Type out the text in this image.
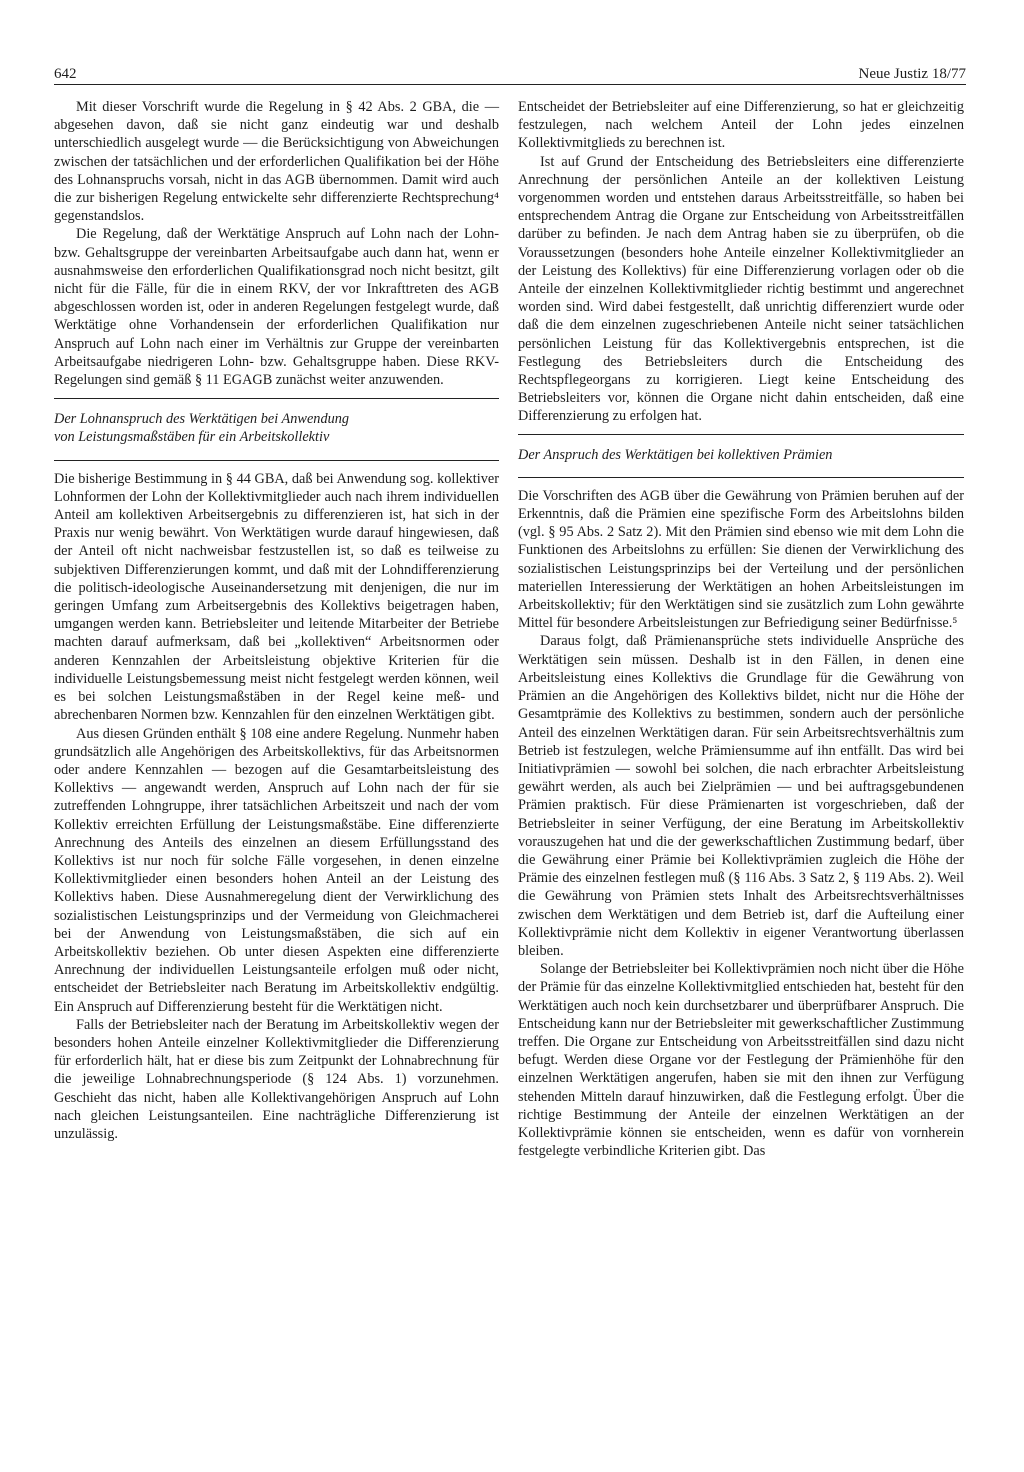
642	Neue Justiz 18/77

Mit dieser Vorschrift wurde die Regelung in § 42 Abs. 2 GBA, die — abgesehen davon, daß sie nicht ganz eindeutig war und deshalb unterschiedlich ausgelegt wurde — die Berücksichtigung von Abweichungen zwischen der tatsächlichen und der erforderlichen Qualifikation bei der Höhe des Lohnanspruchs vorsah, nicht in das AGB übernommen. Damit wird auch die zur bisherigen Regelung entwickelte sehr differenzierte Rechtsprechung⁴ gegenstandslos.

Die Regelung, daß der Werktätige Anspruch auf Lohn nach der Lohn- bzw. Gehaltsgruppe der vereinbarten Arbeitsaufgabe auch dann hat, wenn er ausnahmsweise den erforderlichen Qualifikationsgrad noch nicht besitzt, gilt nicht für die Fälle, für die in einem RKV, der vor Inkrafttreten des AGB abgeschlossen worden ist, oder in anderen Regelungen festgelegt wurde, daß Werktätige ohne Vorhandensein der erforderlichen Qualifikation nur Anspruch auf Lohn nach einer im Verhältnis zur Gruppe der vereinbarten Arbeitsaufgabe niedrigeren Lohn- bzw. Gehaltsgruppe haben. Diese RKV-Regelungen sind gemäß § 11 EGAGB zunächst weiter anzuwenden.

Der Lohnanspruch des Werktätigen bei Anwendung
von Leistungsmaßstäben für ein Arbeitskollektiv

Die bisherige Bestimmung in § 44 GBA, daß bei Anwendung sog. kollektiver Lohnformen der Lohn der Kollektivmitglieder auch nach ihrem individuellen Anteil am kollektiven Arbeitsergebnis zu differenzieren ist, hat sich in der Praxis nur wenig bewährt. Von Werktätigen wurde darauf hingewiesen, daß der Anteil oft nicht nachweisbar festzustellen ist, so daß es teilweise zu subjektiven Differenzierungen kommt, und daß mit der Lohndifferenzierung die politisch-ideologische Auseinandersetzung mit denjenigen, die nur im geringen Umfang zum Arbeitsergebnis des Kollektivs beigetragen haben, umgangen werden kann. Betriebsleiter und leitende Mitarbeiter der Betriebe machten darauf aufmerksam, daß bei „kollektiven“ Arbeitsnormen oder anderen Kennzahlen der Arbeitsleistung objektive Kriterien für die individuelle Leistungsbemessung meist nicht festgelegt werden können, weil es bei solchen Leistungsmaßstäben in der Regel keine meß- und abrechenbaren Normen bzw. Kennzahlen für den einzelnen Werktätigen gibt.

Aus diesen Gründen enthält § 108 eine andere Regelung. Nunmehr haben grundsätzlich alle Angehörigen des Arbeitskollektivs, für das Arbeitsnormen oder andere Kennzahlen — bezogen auf die Gesamtarbeitsleistung des Kollektivs — angewandt werden, Anspruch auf Lohn nach der für sie zutreffenden Lohngruppe, ihrer tatsächlichen Arbeitszeit und nach der vom Kollektiv erreichten Erfüllung der Leistungsmaßstäbe. Eine differenzierte Anrechnung des Anteils des einzelnen an diesem Erfüllungsstand des Kollektivs ist nur noch für solche Fälle vorgesehen, in denen einzelne Kollektivmitglieder einen besonders hohen Anteil an der Leistung des Kollektivs haben. Diese Ausnahmeregelung dient der Verwirklichung des sozialistischen Leistungsprinzips und der Vermeidung von Gleichmacherei bei der Anwendung von Leistungsmaßstäben, die sich auf ein Arbeitskollektiv beziehen. Ob unter diesen Aspekten eine differenzierte Anrechnung der individuellen Leistungsanteile erfolgen muß oder nicht, entscheidet der Betriebsleiter nach Beratung im Arbeitskollektiv endgültig. Ein Anspruch auf Differenzierung besteht für die Werktätigen nicht.

Falls der Betriebsleiter nach der Beratung im Arbeitskollektiv wegen der besonders hohen Anteile einzelner Kollektivmitglieder die Differenzierung für erforderlich hält, hat er diese bis zum Zeitpunkt der Lohnabrechnung für die jeweilige Lohnabrechnungsperiode (§ 124 Abs. 1) vorzunehmen. Geschieht das nicht, haben alle Kollektivangehörigen Anspruch auf Lohn nach gleichen Leistungsanteilen. Eine nachträgliche Differenzierung ist unzulässig.

Entscheidet der Betriebsleiter auf eine Differenzierung, so hat er gleichzeitig festzulegen, nach welchem Anteil der Lohn jedes einzelnen Kollektivmitglieds zu berechnen ist.

Ist auf Grund der Entscheidung des Betriebsleiters eine differenzierte Anrechnung der persönlichen Anteile an der kollektiven Leistung vorgenommen worden und entstehen daraus Arbeitsstreitfälle, so haben bei entsprechendem Antrag die Organe zur Entscheidung von Arbeitsstreitfällen darüber zu befinden. Je nach dem Antrag haben sie zu überprüfen, ob die Voraussetzungen (besonders hohe Anteile einzelner Kollektivmitglieder an der Leistung des Kollektivs) für eine Differenzierung vorlagen oder ob die Anteile der einzelnen Kollektivmitglieder richtig bestimmt und angerechnet worden sind. Wird dabei festgestellt, daß unrichtig differenziert wurde oder daß die dem einzelnen zugeschriebenen Anteile nicht seiner tatsächlichen persönlichen Leistung für das Kollektivergebnis entsprechen, ist die Festlegung des Betriebsleiters durch die Entscheidung des Rechtspflegeorgans zu korrigieren. Liegt keine Entscheidung des Betriebsleiters vor, können die Organe nicht dahin entscheiden, daß eine Differenzierung zu erfolgen hat.

Der Anspruch des Werktätigen bei kollektiven Prämien

Die Vorschriften des AGB über die Gewährung von Prämien beruhen auf der Erkenntnis, daß die Prämien eine spezifische Form des Arbeitslohns bilden (vgl. § 95 Abs. 2 Satz 2). Mit den Prämien sind ebenso wie mit dem Lohn die Funktionen des Arbeitslohns zu erfüllen: Sie dienen der Verwirklichung des sozialistischen Leistungsprinzips bei der Verteilung und der persönlichen materiellen Interessierung der Werktätigen an hohen Arbeitsleistungen im Arbeitskollektiv; für den Werktätigen sind sie zusätzlich zum Lohn gewährte Mittel für besondere Arbeitsleistungen zur Befriedigung seiner Bedürfnisse.⁵

Daraus folgt, daß Prämienansprüche stets individuelle Ansprüche des Werktätigen sein müssen. Deshalb ist in den Fällen, in denen eine Arbeitsleistung eines Kollektivs die Grundlage für die Gewährung von Prämien an die Angehörigen des Kollektivs bildet, nicht nur die Höhe der Gesamtprämie des Kollektivs zu bestimmen, sondern auch der persönliche Anteil des einzelnen Werktätigen daran. Für sein Arbeitsrechtsverhältnis zum Betrieb ist festzulegen, welche Prämiensumme auf ihn entfällt. Das wird bei Initiativprämien — sowohl bei solchen, die nach erbrachter Arbeitsleistung gewährt werden, als auch bei Zielprämien — und bei auftragsgebundenen Prämien praktisch. Für diese Prämienarten ist vorgeschrieben, daß der Betriebsleiter in seiner Verfügung, der eine Beratung im Arbeitskollektiv vorauszugehen hat und die der gewerkschaftlichen Zustimmung bedarf, über die Gewährung einer Prämie bei Kollektivprämien zugleich die Höhe der Prämie des einzelnen festlegen muß (§ 116 Abs. 3 Satz 2, § 119 Abs. 2). Weil die Gewährung von Prämien stets Inhalt des Arbeitsrechtsverhältnisses zwischen dem Werktätigen und dem Betrieb ist, darf die Aufteilung einer Kollektivprämie nicht dem Kollektiv in eigener Verantwortung überlassen bleiben.

Solange der Betriebsleiter bei Kollektivprämien noch nicht über die Höhe der Prämie für das einzelne Kollektivmitglied entschieden hat, besteht für den Werktätigen auch noch kein durchsetzbarer und überprüfbarer Anspruch. Die Entscheidung kann nur der Betriebsleiter mit gewerkschaftlicher Zustimmung treffen. Die Organe zur Entscheidung von Arbeitsstreitfällen sind dazu nicht befugt. Werden diese Organe vor der Festlegung der Prämienhöhe für den einzelnen Werktätigen angerufen, haben sie mit den ihnen zur Verfügung stehenden Mitteln darauf hinzuwirken, daß die Festlegung erfolgt. Über die richtige Bestimmung der Anteile der einzelnen Werktätigen an der Kollektivprämie können sie entscheiden, wenn es dafür von vornherein festgelegte verbindliche Kriterien gibt. Das
